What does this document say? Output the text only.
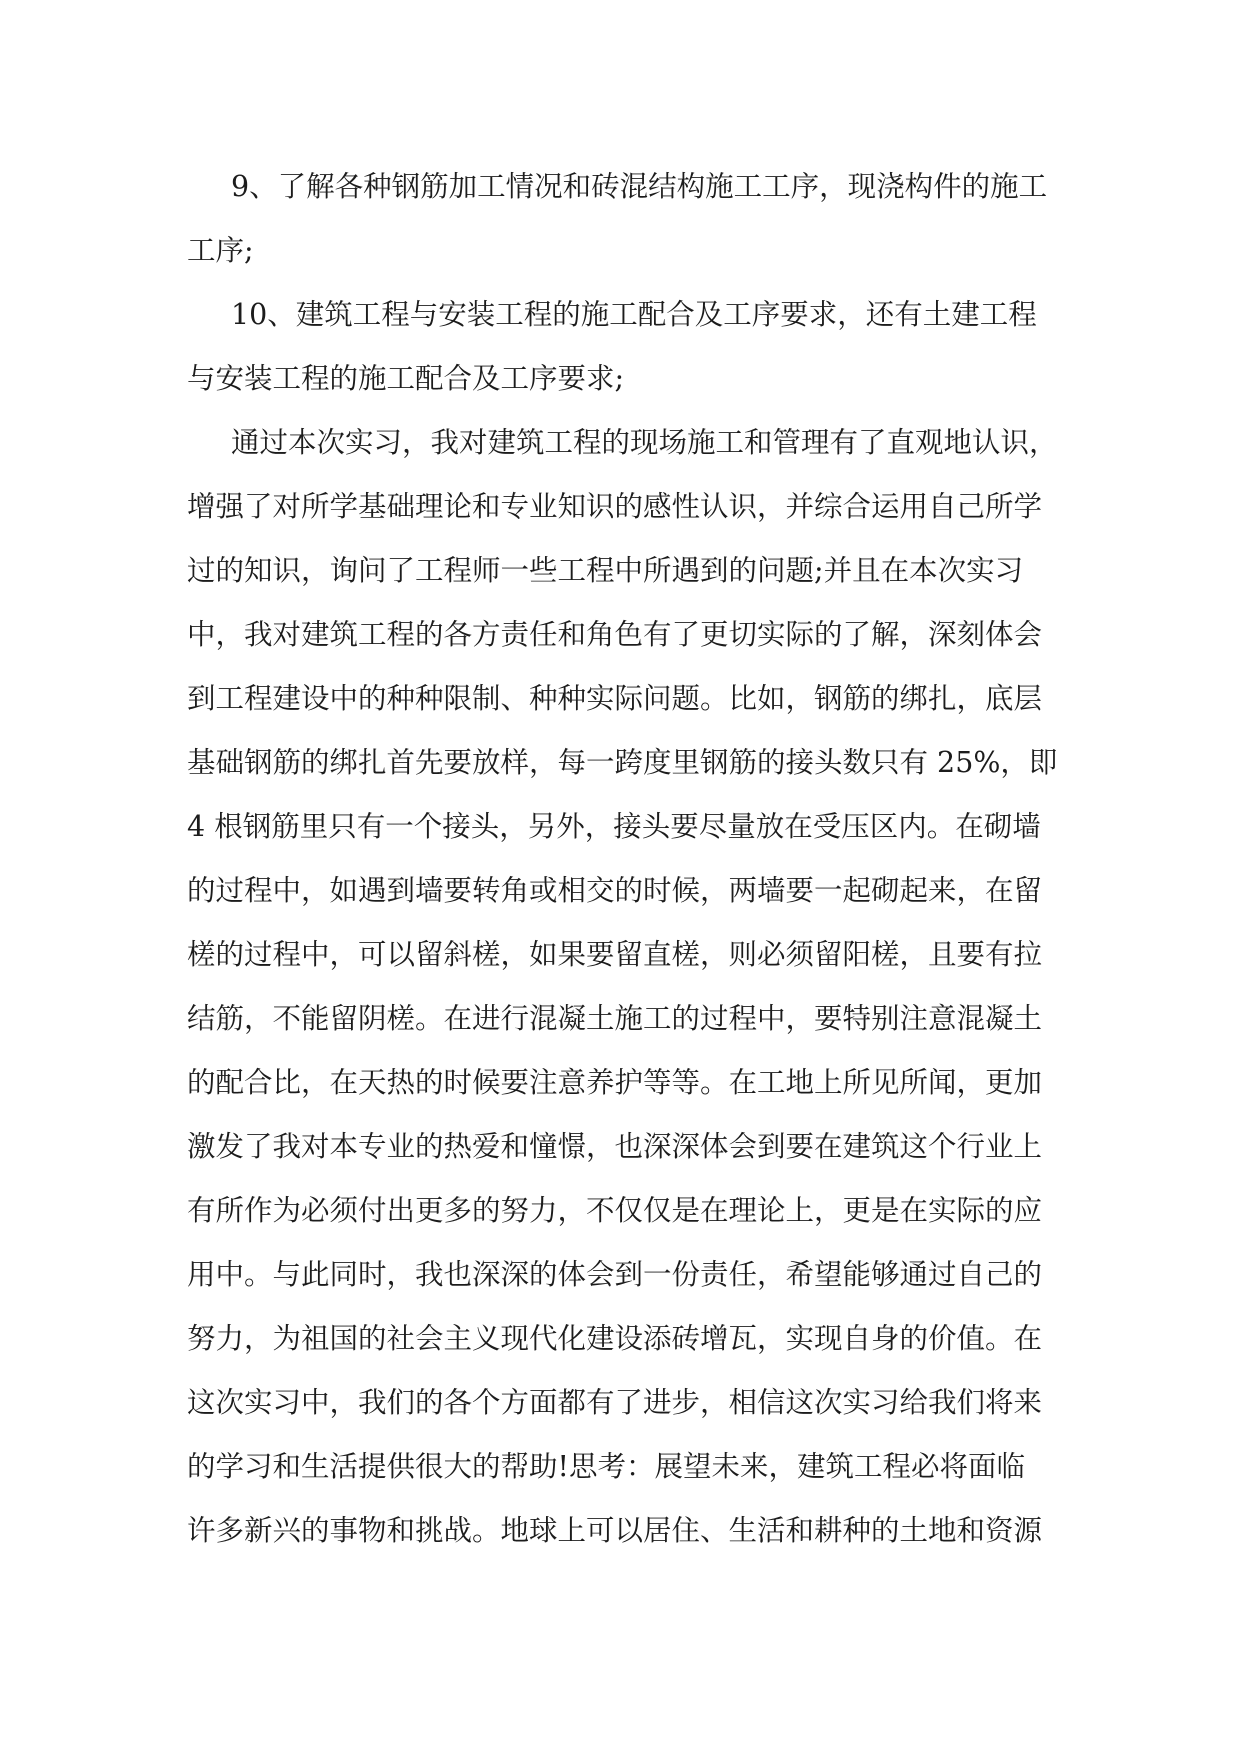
9、了解各种钢筋加工情况和砖混结构施工工序，现浇构件的施工
工序;
10、建筑工程与安装工程的施工配合及工序要求，还有土建工程
与安装工程的施工配合及工序要求;
通过本次实习，我对建筑工程的现场施工和管理有了直观地认识，
增强了对所学基础理论和专业知识的感性认识，并综合运用自己所学
过的知识，询问了工程师一些工程中所遇到的问题;并且在本次实习
中，我对建筑工程的各方责任和角色有了更切实际的了解，深刻体会
到工程建设中的种种限制、种种实际问题。比如，钢筋的绑扎，底层
基础钢筋的绑扎首先要放样，每一跨度里钢筋的接头数只有 25%，即
4 根钢筋里只有一个接头，另外，接头要尽量放在受压区内。在砌墙
的过程中，如遇到墙要转角或相交的时候，两墙要一起砌起来，在留
槎的过程中，可以留斜槎，如果要留直槎，则必须留阳槎，且要有拉
结筋，不能留阴槎。在进行混凝土施工的过程中，要特别注意混凝土
的配合比，在天热的时候要注意养护等等。在工地上所见所闻，更加
激发了我对本专业的热爱和憧憬，也深深体会到要在建筑这个行业上
有所作为必须付出更多的努力，不仅仅是在理论上，更是在实际的应
用中。与此同时，我也深深的体会到一份责任，希望能够通过自己的
努力，为祖国的社会主义现代化建设添砖增瓦，实现自身的价值。在
这次实习中，我们的各个方面都有了进步，相信这次实习给我们将来
的学习和生活提供很大的帮助!思考：展望未来，建筑工程必将面临
许多新兴的事物和挑战。地球上可以居住、生活和耕种的土地和资源
